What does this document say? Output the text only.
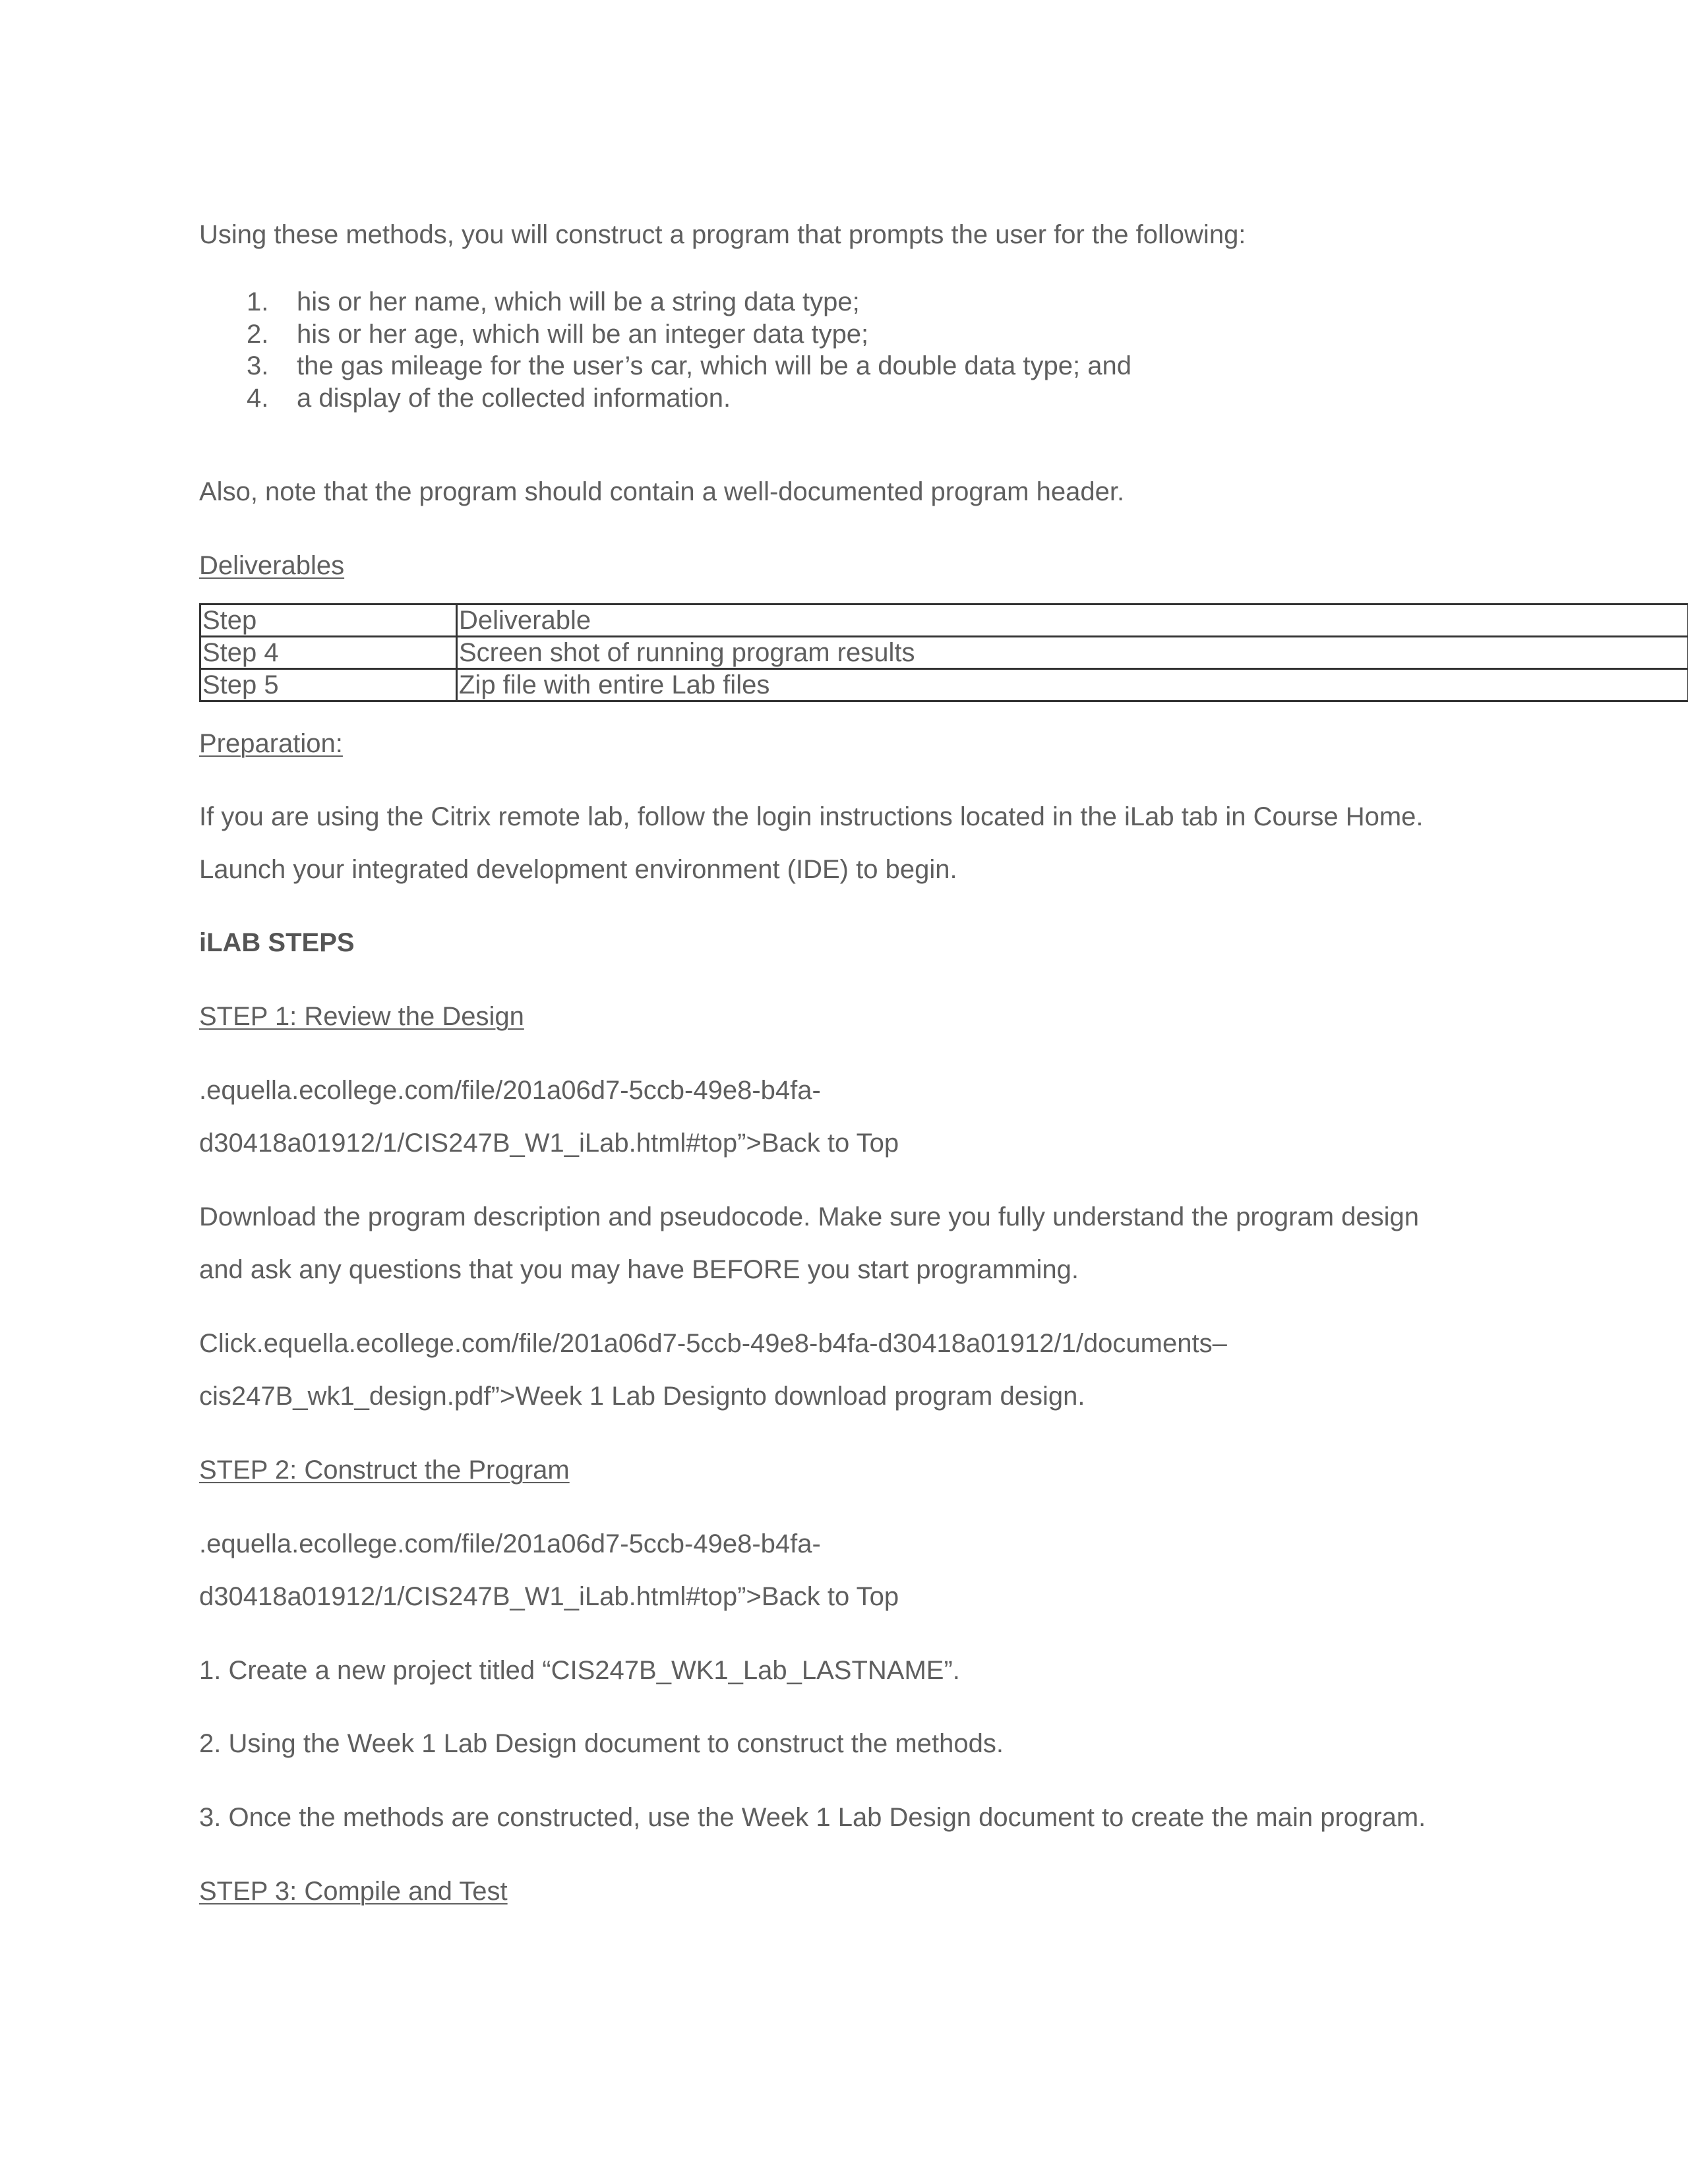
Using these methods, you will construct a program that prompts the user for the following:

1. his or her name, which will be a string data type;
2. his or her age, which will be an integer data type;
3. the gas mileage for the user’s car, which will be a double data type; and
4. a display of the collected information.

Also, note that the program should contain a well-documented program header.

Deliverables

Step	Deliverable
Step 4	Screen shot of running program results
Step 5	Zip file with entire Lab files

Preparation:

If you are using the Citrix remote lab, follow the login instructions located in the iLab tab in Course Home.

Launch your integrated development environment (IDE) to begin.

iLAB STEPS

STEP 1: Review the Design

.equella.ecollege.com/file/201a06d7-5ccb-49e8-b4fa-

d30418a01912/1/CIS247B_W1_iLab.html#top”>Back to Top

Download the program description and pseudocode. Make sure you fully understand the program design

and ask any questions that you may have BEFORE you start programming.

Click.equella.ecollege.com/file/201a06d7-5ccb-49e8-b4fa-d30418a01912/1/documents–

cis247B_wk1_design.pdf”>Week 1 Lab Designto download program design.

STEP 2: Construct the Program

.equella.ecollege.com/file/201a06d7-5ccb-49e8-b4fa-

d30418a01912/1/CIS247B_W1_iLab.html#top”>Back to Top

1. Create a new project titled “CIS247B_WK1_Lab_LASTNAME”.

2. Using the Week 1 Lab Design document to construct the methods.

3. Once the methods are constructed, use the Week 1 Lab Design document to create the main program.

STEP 3: Compile and Test
